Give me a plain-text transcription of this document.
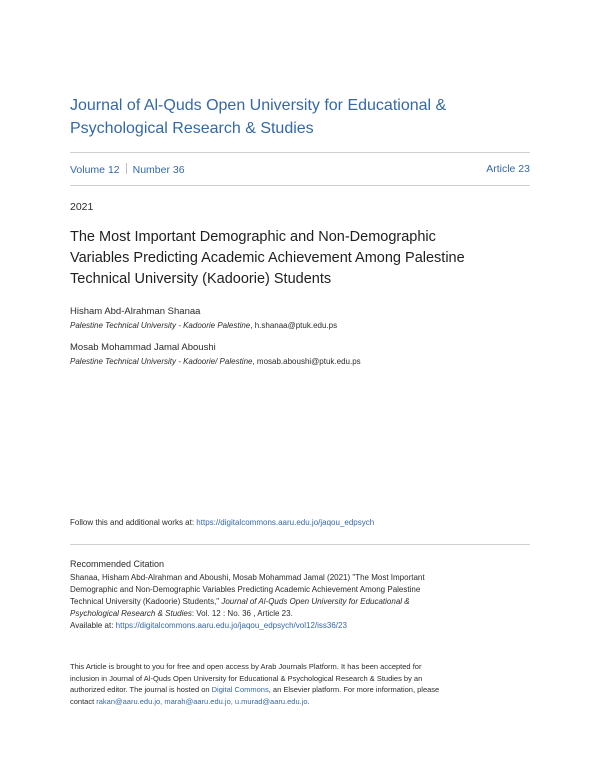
Journal of Al-Quds Open University for Educational &
Psychological Research & Studies
Volume 12 Number 36	Article 23
2021
The Most Important Demographic and Non-Demographic
Variables Predicting Academic Achievement Among Palestine
Technical University (Kadoorie) Students
Hisham Abd-Alrahman Shanaa
Palestine Technical University - Kadoorie Palestine, h.shanaa@ptuk.edu.ps
Mosab Mohammad Jamal Aboushi
Palestine Technical University - Kadoorie/ Palestine, mosab.aboushi@ptuk.edu.ps
Follow this and additional works at: https://digitalcommons.aaru.edu.jo/jaqou_edpsych
Recommended Citation
Shanaa, Hisham Abd-Alrahman and Aboushi, Mosab Mohammad Jamal (2021) "The Most Important
Demographic and Non-Demographic Variables Predicting Academic Achievement Among Palestine
Technical University (Kadoorie) Students," Journal of Al-Quds Open University for Educational &
Psychological Research & Studies: Vol. 12 : No. 36 , Article 23.
Available at: https://digitalcommons.aaru.edu.jo/jaqou_edpsych/vol12/iss36/23
This Article is brought to you for free and open access by Arab Journals Platform. It has been accepted for
inclusion in Journal of Al-Quds Open University for Educational & Psychological Research & Studies by an
authorized editor. The journal is hosted on Digital Commons, an Elsevier platform. For more information, please
contact rakan@aaru.edu.jo, marah@aaru.edu.jo, u.murad@aaru.edu.jo.
